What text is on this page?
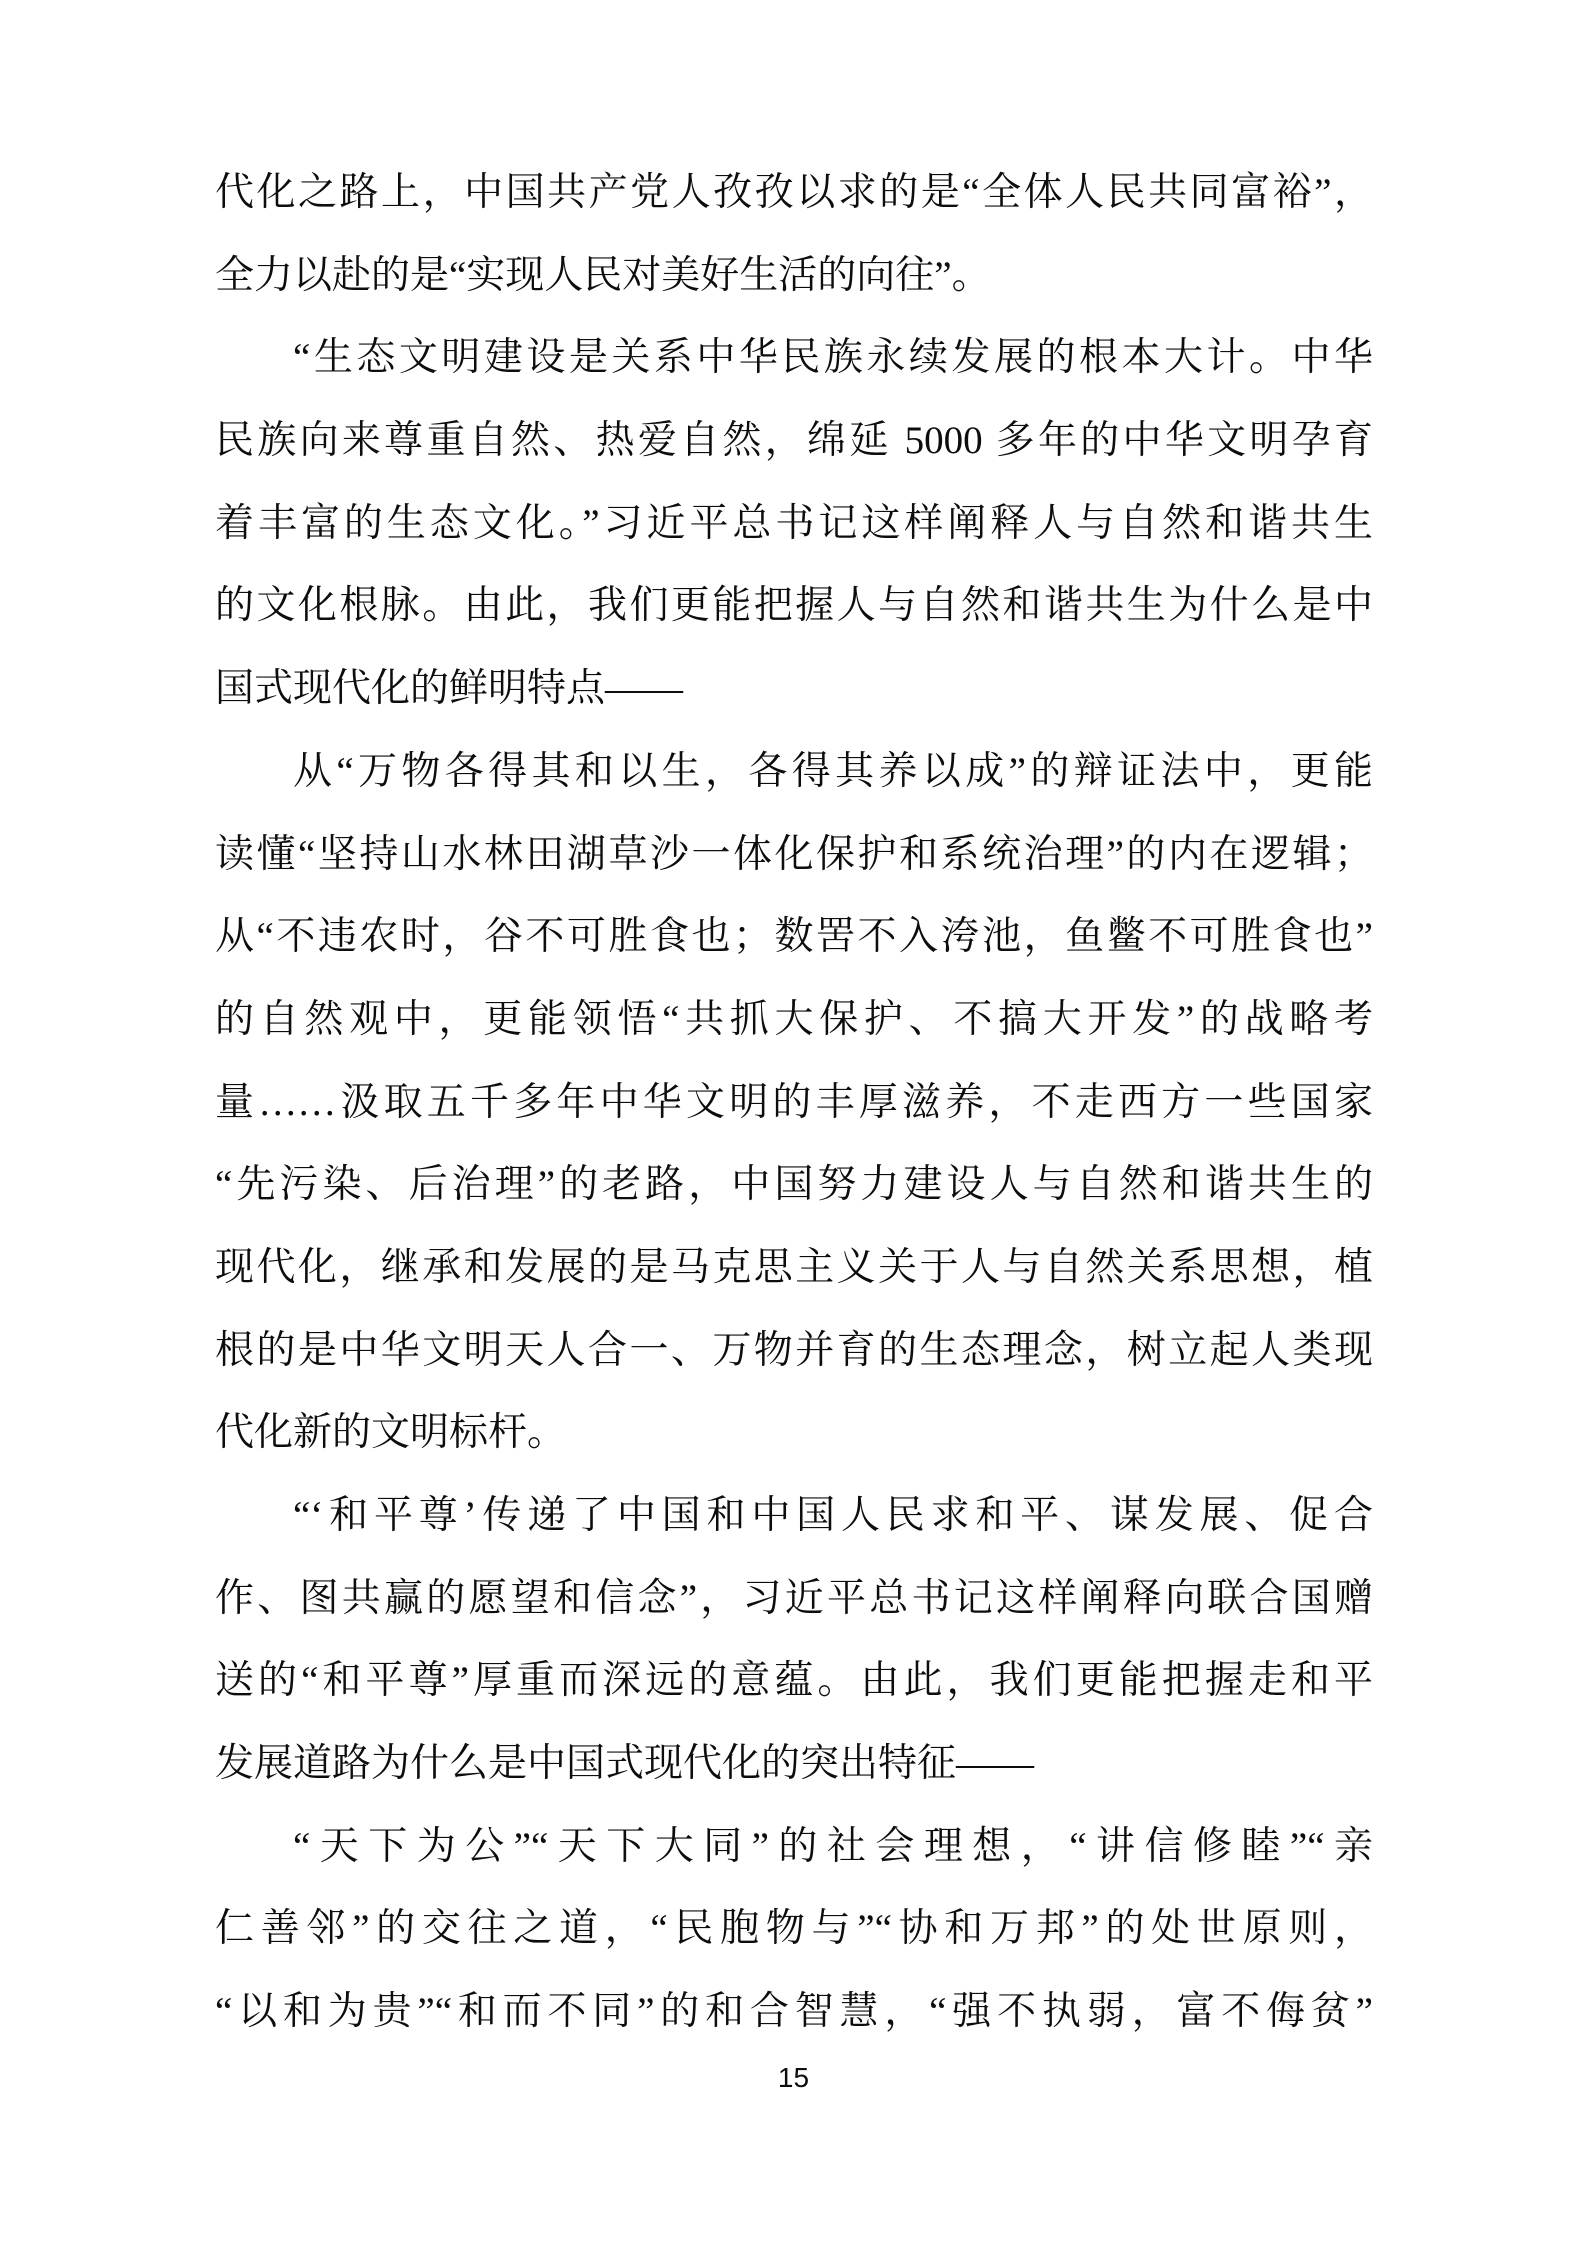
代化之路上，中国共产党人孜孜以求的是“全体人民共同富裕”，
全力以赴的是“实现人民对美好生活的向往”。
“生态文明建设是关系中华民族永续发展的根本大计。中华
民族向来尊重自然、热爱自然，绵延 5000 多年的中华文明孕育
着丰富的生态文化。”习近平总书记这样阐释人与自然和谐共生
的文化根脉。由此，我们更能把握人与自然和谐共生为什么是中
国式现代化的鲜明特点——
从“万物各得其和以生，各得其养以成”的辩证法中，更能
读懂“坚持山水林田湖草沙一体化保护和系统治理”的内在逻辑；
从“不违农时，谷不可胜食也；数罟不入洿池，鱼鳖不可胜食也”
的自然观中，更能领悟“共抓大保护、不搞大开发”的战略考
量……汲取五千多年中华文明的丰厚滋养，不走西方一些国家
“先污染、后治理”的老路，中国努力建设人与自然和谐共生的
现代化，继承和发展的是马克思主义关于人与自然关系思想，植
根的是中华文明天人合一、万物并育的生态理念，树立起人类现
代化新的文明标杆。
“‘和平尊’传递了中国和中国人民求和平、谋发展、促合
作、图共赢的愿望和信念”，习近平总书记这样阐释向联合国赠
送的“和平尊”厚重而深远的意蕴。由此，我们更能把握走和平
发展道路为什么是中国式现代化的突出特征——
“天下为公”“天下大同”的社会理想，“讲信修睦”“亲
仁善邻”的交往之道，“民胞物与”“协和万邦”的处世原则，
“以和为贵”“和而不同”的和合智慧，“强不执弱，富不侮贫”
15
